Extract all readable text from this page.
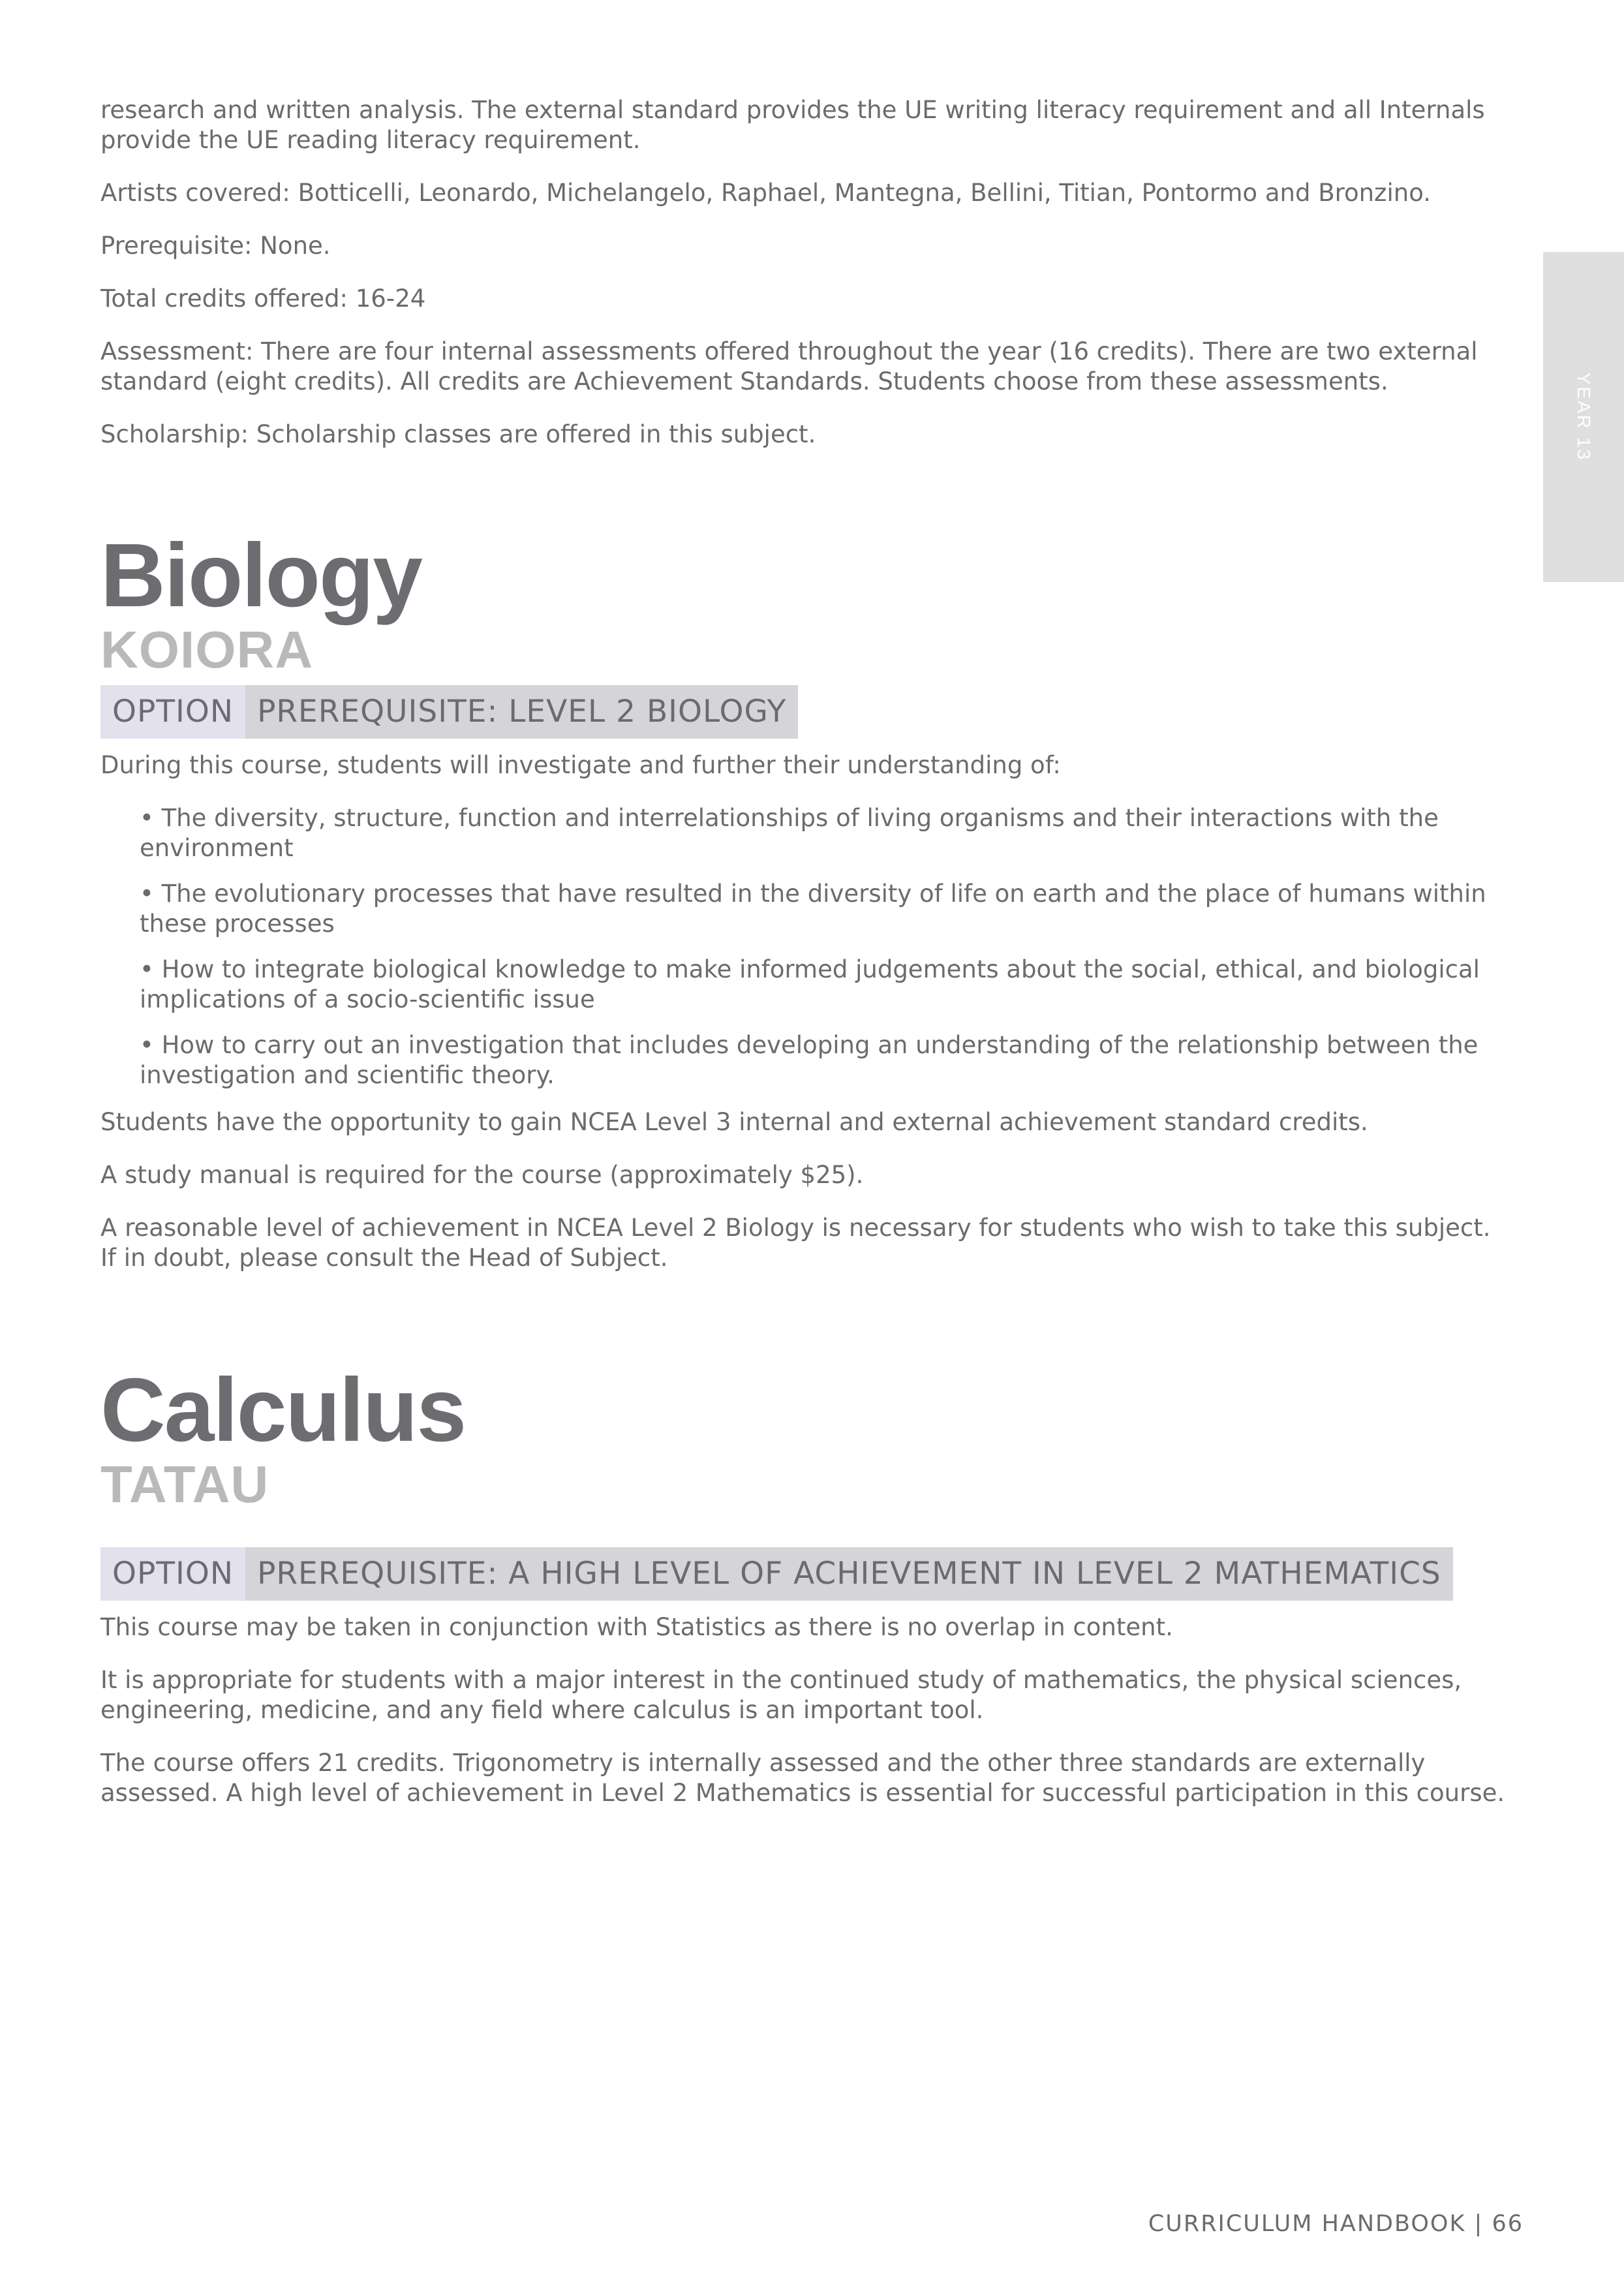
YEAR 13

research and written analysis. The external standard provides the UE writing literacy requirement and all Internals provide the UE reading literacy requirement.

Artists covered: Botticelli, Leonardo, Michelangelo, Raphael, Mantegna, Bellini, Titian, Pontormo and Bronzino.

Prerequisite: None.

Total credits offered: 16-24

Assessment: There are four internal assessments offered throughout the year (16 credits). There are two external standard (eight credits). All credits are Achievement Standards. Students choose from these assessments.

Scholarship: Scholarship classes are offered in this subject.

Biology
KOIORA
OPTION PREREQUISITE: LEVEL 2 BIOLOGY

During this course, students will investigate and further their understanding of:

• The diversity, structure, function and interrelationships of living organisms and their interactions with the environment
• The evolutionary processes that have resulted in the diversity of life on earth and the place of humans within these processes
• How to integrate biological knowledge to make informed judgements about the social, ethical, and biological implications of a socio-scientific issue
• How to carry out an investigation that includes developing an understanding of the relationship between the investigation and scientific theory.

Students have the opportunity to gain NCEA Level 3 internal and external achievement standard credits.

A study manual is required for the course (approximately $25).

A reasonable level of achievement in NCEA Level 2 Biology is necessary for students who wish to take this subject. If in doubt, please consult the Head of Subject.

Calculus
TATAU
OPTION PREREQUISITE: A HIGH LEVEL OF ACHIEVEMENT IN LEVEL 2 MATHEMATICS

This course may be taken in conjunction with Statistics as there is no overlap in content.

It is appropriate for students with a major interest in the continued study of mathematics, the physical sciences, engineering, medicine, and any field where calculus is an important tool.

The course offers 21 credits. Trigonometry is internally assessed and the other three standards are externally assessed. A high level of achievement in Level 2 Mathematics is essential for successful participation in this course.

CURRICULUM HANDBOOK | 66
